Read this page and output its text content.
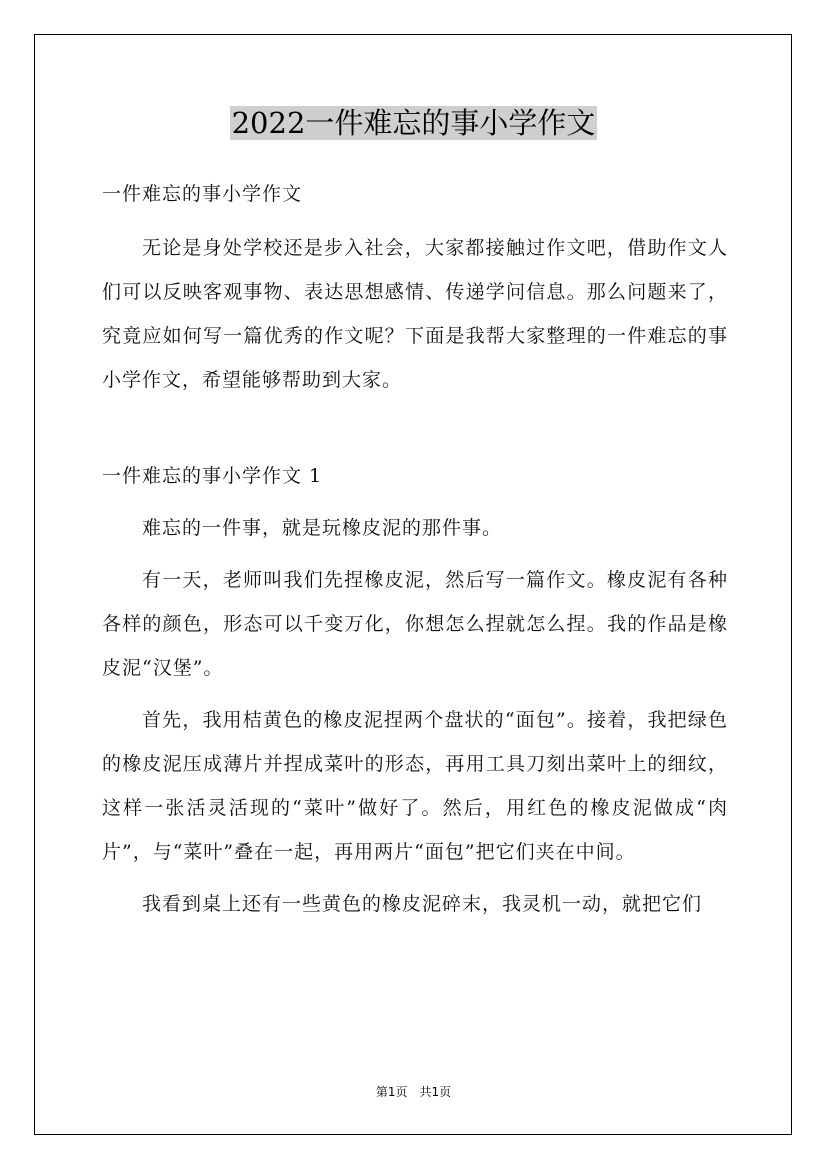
2022一件难忘的事小学作文

一件难忘的事小学作文

无论是身处学校还是步入社会，大家都接触过作文吧，借助作文人们可以反映客观事物、表达思想感情、传递学问信息。那么问题来了，究竟应如何写一篇优秀的作文呢？下面是我帮大家整理的一件难忘的事小学作文，希望能够帮助到大家。

一件难忘的事小学作文 1

难忘的一件事，就是玩橡皮泥的那件事。

有一天，老师叫我们先捏橡皮泥，然后写一篇作文。橡皮泥有各种各样的颜色，形态可以千变万化，你想怎么捏就怎么捏。我的作品是橡皮泥“汉堡”。

首先，我用桔黄色的橡皮泥捏两个盘状的“面包”。接着，我把绿色的橡皮泥压成薄片并捏成菜叶的形态，再用工具刀刻出菜叶上的细纹，这样一张活灵活现的“菜叶”做好了。然后，用红色的橡皮泥做成“肉片”，与“菜叶”叠在一起，再用两片“面包”把它们夹在中间。

我看到桌上还有一些黄色的橡皮泥碎末，我灵机一动，就把它们

第1页 共1页
